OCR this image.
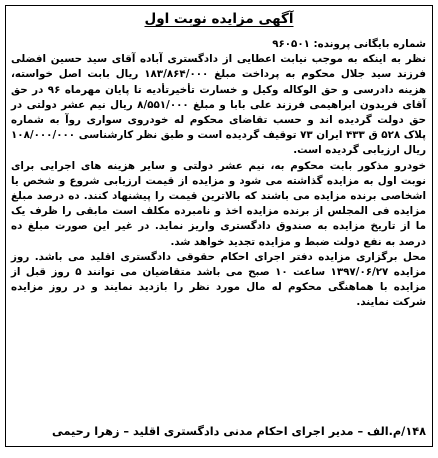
آگهی مزایده نوبت اول

شماره بایگانی پرونده: ۹۶۰۵۰۱

نظر به اینکه به موجب نیابت اعطایی از دادگستری آباده آقای سید حسین افضلی فرزند سید جلال محکوم به پرداخت مبلغ ۱۸۳/۸۶۴/۰۰۰ ریال بابت اصل خواسته، هزینه دادرسی و حق الوکاله وکیل و خسارت تأخیرتأدیه تا پایان مهرماه ۹۶ در حق آقای فریدون ابراهیمی فرزند علی بابا و مبلغ ۸/۵۵۱/۰۰۰ ریال نیم عشر دولتی در حق دولت گردیده اند و حسب تقاضای محکوم له خودروی سواری روآ به شماره پلاک ۵۲۸ ق ۴۳۳ ایران ۷۳ توقیف گردیده است و طبق نظر کارشناسی ۱۰۸/۰۰۰/۰۰۰ ریال ارزیابی گردیده است.

خودرو مذکور بابت محکوم به، نیم عشر دولتی و سایر هزینه های اجرایی برای نوبت اول به مزایده گذاشته می شود و مزایده از قیمت ارزیابی شروع و شخص یا اشخاصی برنده مزایده می باشند که بالاترین قیمت را پیشنهاد کنند. ده درصد مبلغ مزایده فی المجلس از برنده مزایده اخذ و نامبرده مکلف است مابقی را ظرف یک ما از تاریخ مزایده به صندوق دادگستری واریز نماید. در غیر این صورت مبلغ ده درصد به نفع دولت ضبط و مزایده تجدید خواهد شد.

محل برگزاری مزایده دفتر اجرای احکام حقوقی دادگستری اقلید می باشد. روز مزایده ۱۳۹۷/۰۶/۲۷ ساعت ۱۰ صبح می باشد متقاضیان می توانند ۵ روز قبل از مزایده با هماهنگی محکوم له مال مورد نظر را بازدید نمایند و در روز مزایده شرکت نمایند.

۱۴۸/م.الف – مدیر اجرای احکام مدنی دادگستری اقلید – زهرا رحیمی
